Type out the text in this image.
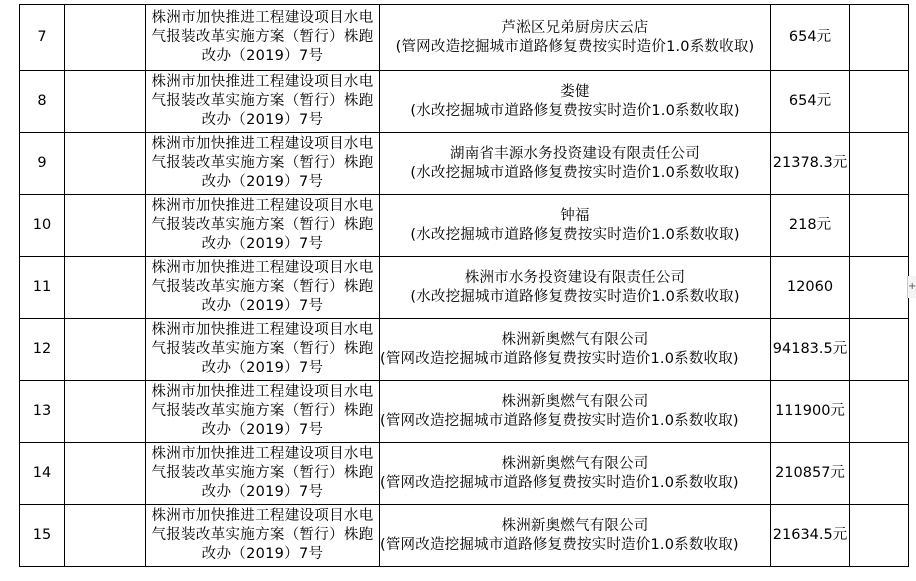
7		株洲市加快推进工程建设项目水电气报装改革实施方案（暂行）株跑改办（2019）7号	芦淞区兄弟厨房庆云店
(管网改造挖掘城市道路修复费按实时造价1.0系数收取)	654元	
8		株洲市加快推进工程建设项目水电气报装改革实施方案（暂行）株跑改办（2019）7号	娄健
(水改挖掘城市道路修复费按实时造价1.0系数收取)	654元	
9		株洲市加快推进工程建设项目水电气报装改革实施方案（暂行）株跑改办（2019）7号	湖南省丰源水务投资建设有限责任公司
(水改挖掘城市道路修复费按实时造价1.0系数收取)	21378.3元	
10		株洲市加快推进工程建设项目水电气报装改革实施方案（暂行）株跑改办（2019）7号	钟福
(水改挖掘城市道路修复费按实时造价1.0系数收取)	218元	
11		株洲市加快推进工程建设项目水电气报装改革实施方案（暂行）株跑改办（2019）7号	株洲市水务投资建设有限责任公司
(水改挖掘城市道路修复费按实时造价1.0系数收取)	12060	
12		株洲市加快推进工程建设项目水电气报装改革实施方案（暂行）株跑改办（2019）7号	株洲新奥燃气有限公司
(管网改造挖掘城市道路修复费按实时造价1.0系数收取)	94183.5元	
13		株洲市加快推进工程建设项目水电气报装改革实施方案（暂行）株跑改办（2019）7号	株洲新奥燃气有限公司
(管网改造挖掘城市道路修复费按实时造价1.0系数收取)	111900元	
14		株洲市加快推进工程建设项目水电气报装改革实施方案（暂行）株跑改办（2019）7号	株洲新奥燃气有限公司
(管网改造挖掘城市道路修复费按实时造价1.0系数收取)	210857元	
15		株洲市加快推进工程建设项目水电气报装改革实施方案（暂行）株跑改办（2019）7号	株洲新奥燃气有限公司
(管网改造挖掘城市道路修复费按实时造价1.0系数收取)	21634.5元	
+
